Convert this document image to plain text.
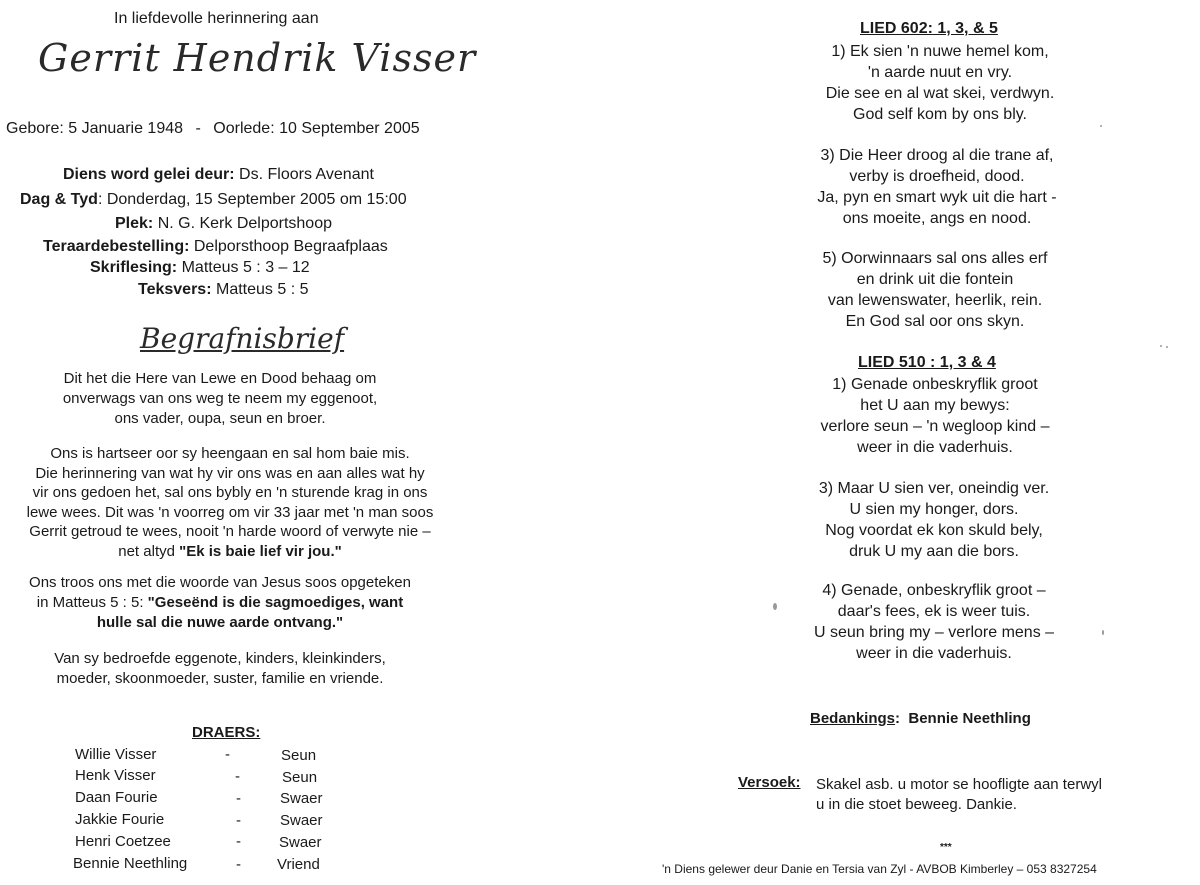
In liefdevolle herinnering aan
Gerrit Hendrik Visser
Gebore: 5 Januarie 1948 - Oorlede: 10 September 2005
Diens word gelei deur: Ds. Floors Avenant
Dag & Tyd: Donderdag, 15 September 2005 om 15:00
Plek: N. G. Kerk Delportshoop
Teraardebestelling: Delporsthoop Begraafplaas
Skriflesing: Matteus 5 : 3 – 12
Teksvers: Matteus 5 : 5
Begrafnisbrief
Dit het die Here van Lewe en Dood behaag om
onverwags van ons weg te neem my eggenoot,
ons vader, oupa, seun en broer.
Ons is hartseer oor sy heengaan en sal hom baie mis.
Die herinnering van wat hy vir ons was en aan alles wat hy
vir ons gedoen het, sal ons bybly en 'n sturende krag in ons
lewe wees. Dit was 'n voorreg om vir 33 jaar met 'n man soos
Gerrit getroud te wees, nooit 'n harde woord of verwyte nie –
net altyd "Ek is baie lief vir jou."
Ons troos ons met die woorde van Jesus soos opgeteken
in Matteus 5 : 5: "Geseënd is die sagmoediges, want
hulle sal die nuwe aarde ontvang."
Van sy bedroefde eggenote, kinders, kleinkinders,
moeder, skoonmoeder, suster, familie en vriende.
DRAERS:
Willie Visser	-	Seun
Henk Visser	-	Seun
Daan Fourie	-	Swaer
Jakkie Fourie	-	Swaer
Henri Coetzee	-	Swaer
Bennie Neethling	- Vriend
LIED 602: 1, 3, & 5
1) Ek sien 'n nuwe hemel kom,
'n aarde nuut en vry.
Die see en al wat skei, verdwyn.
God self kom by ons bly.
3) Die Heer droog al die trane af,
verby is droefheid, dood.
Ja, pyn en smart wyk uit die hart -
ons moeite, angs en nood.
5) Oorwinnaars sal ons alles erf
en drink uit die fontein
van lewenswater, heerlik, rein.
En God sal oor ons skyn.
LIED 510 : 1, 3 & 4
1) Genade onbeskryflik groot
het U aan my bewys:
verlore seun – 'n wegloop kind –
weer in die vaderhuis.
3) Maar U sien ver, oneindig ver.
U sien my honger, dors.
Nog voordat ek kon skuld bely,
druk U my aan die bors.
4) Genade, onbeskryflik groot –
daar's fees, ek is weer tuis.
U seun bring my – verlore mens –
weer in die vaderhuis.
Bedankings: Bennie Neethling
Versoek: Skakel asb. u motor se hoofligte aan terwyl
u in die stoet beweeg. Dankie.
***
'n Diens gelewer deur Danie en Tersia van Zyl - AVBOB Kimberley – 053 8327254
